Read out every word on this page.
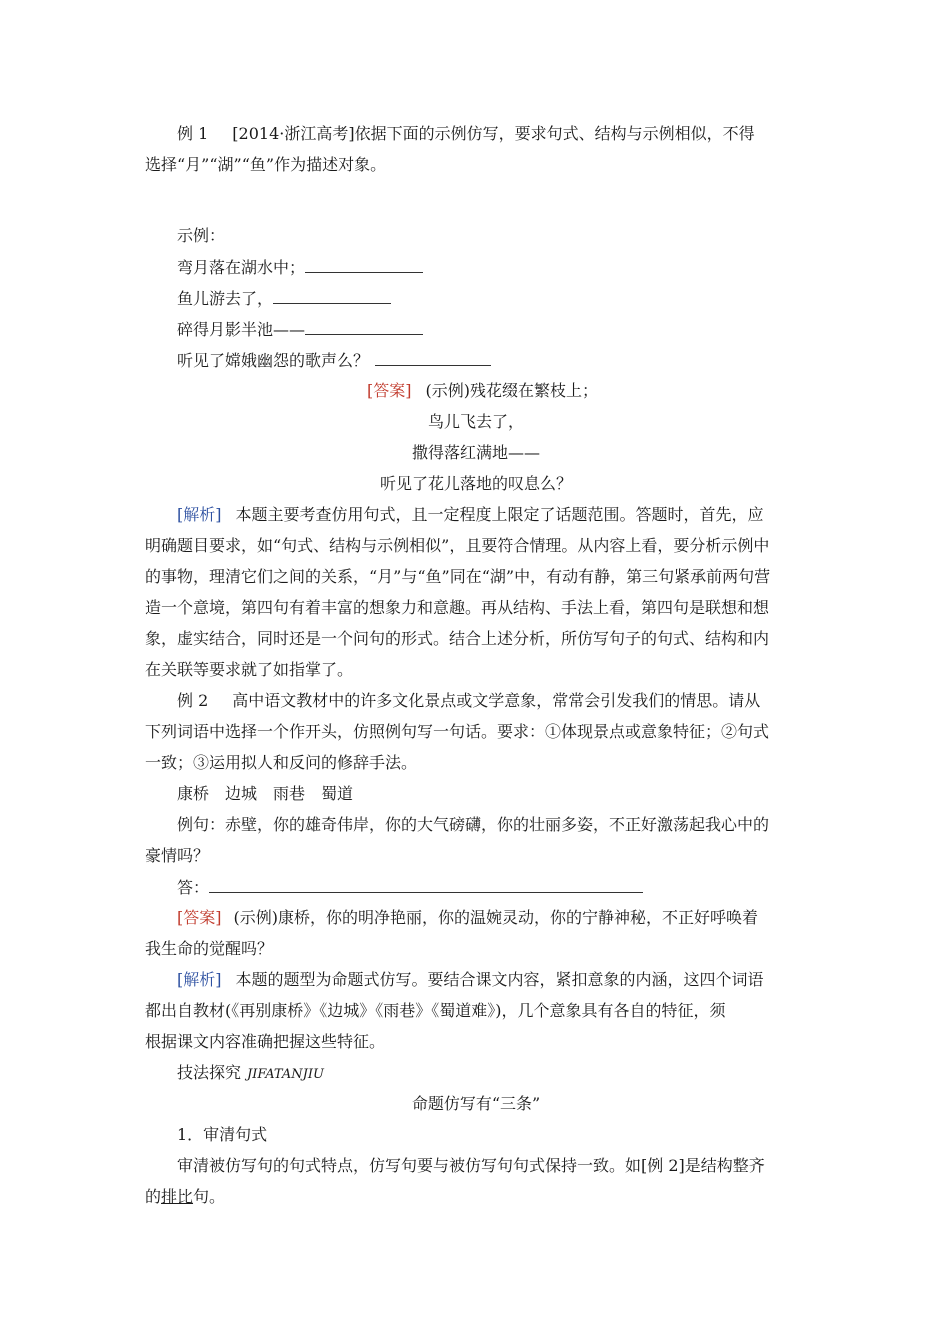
例 1 [2014·浙江高考]依据下面的示例仿写，要求句式、结构与示例相似，不得
选择“月”“湖”“鱼”作为描述对象。
示例：
弯月落在湖水中；
鱼儿游去了，
碎得月影半池——
听见了嫦娥幽怨的歌声么？
[答案] (示例)残花缀在繁枝上；
鸟儿飞去了，
撒得落红满地——
听见了花儿落地的叹息么？
[解析] 本题主要考查仿用句式，且一定程度上限定了话题范围。答题时，首先，应
明确题目要求，如“句式、结构与示例相似”，且要符合情理。从内容上看，要分析示例中
的事物，理清它们之间的关系，“月”与“鱼”同在“湖”中，有动有静，第三句紧承前两句营
造一个意境，第四句有着丰富的想象力和意趣。再从结构、手法上看，第四句是联想和想
象，虚实结合，同时还是一个问句的形式。结合上述分析，所仿写句子的句式、结构和内
在关联等要求就了如指掌了。
例 2 高中语文教材中的许多文化景点或文学意象，常常会引发我们的情思。请从
下列词语中选择一个作开头，仿照例句写一句话。要求：①体现景点或意象特征；②句式
一致；③运用拟人和反问的修辞手法。
康桥 边城 雨巷 蜀道
例句：赤壁，你的雄奇伟岸，你的大气磅礴，你的壮丽多姿，不正好激荡起我心中的
豪情吗？
答：
[答案] (示例)康桥，你的明净艳丽，你的温婉灵动，你的宁静神秘，不正好呼唤着
我生命的觉醒吗？
[解析] 本题的题型为命题式仿写。要结合课文内容，紧扣意象的内涵，这四个词语
都出自教材(《再别康桥》《边城》《雨巷》《蜀道难》)，几个意象具有各自的特征，须
根据课文内容准确把握这些特征。
技法探究 JIFATANJIU
命题仿写有“三条”
1．审清句式
审清被仿写句的句式特点，仿写句要与被仿写句句式保持一致。如[例 2]是结构整齐
的排比句。
